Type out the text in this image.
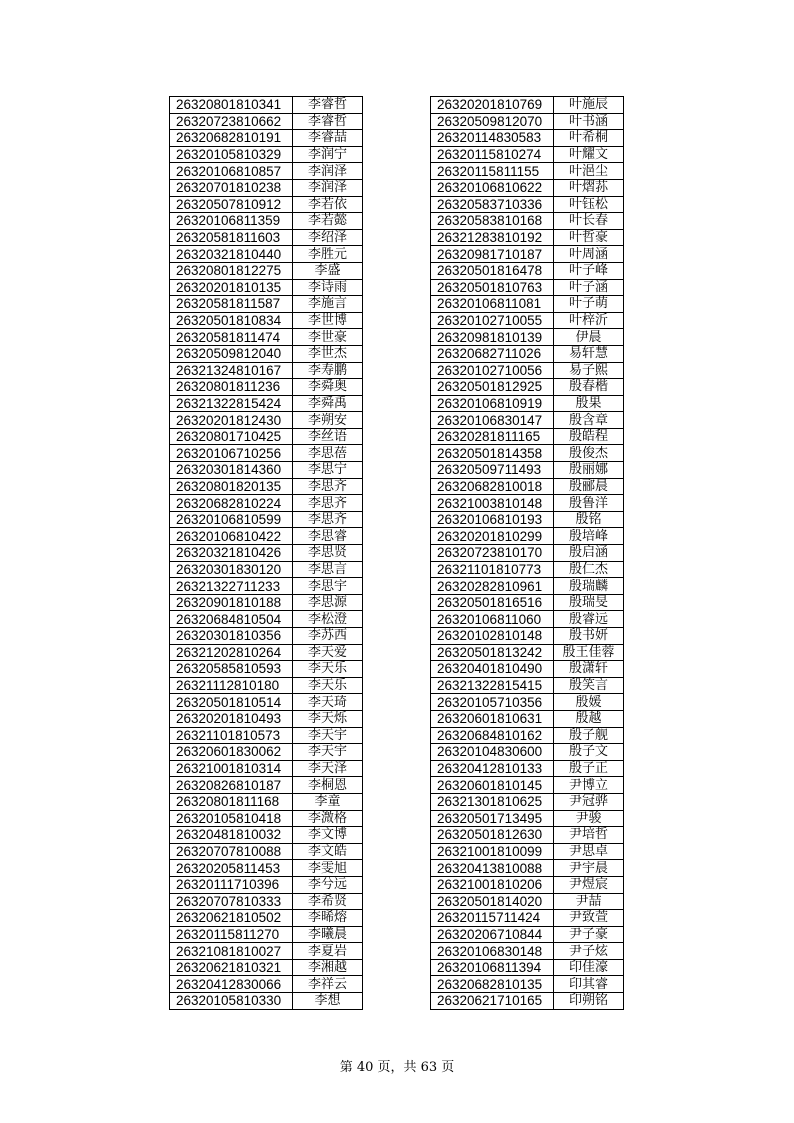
26320801810341	李睿哲
26320723810662	李睿哲
26320682810191	李睿喆
26320105810329	李润宁
26320106810857	李润泽
26320701810238	李润泽
26320507810912	李若依
26320106811359	李若懿
26320581811603	李绍泽
26320321810440	李胜元
26320801812275	李盛
26320201810135	李诗雨
26320581811587	李施言
26320501810834	李世博
26320581811474	李世豪
26320509812040	李世杰
26321324810167	李寿鹏
26320801811236	李舜奥
26321322815424	李舜禹
26320201812430	李朔安
26320801710425	李丝语
26320106710256	李思蓓
26320301814360	李思宁
26320801820135	李思齐
26320682810224	李思齐
26320106810599	李思齐
26320106810422	李思睿
26320321810426	李思贤
26320301830120	李思言
26321322711233	李思宇
26320901810188	李思源
26320684810504	李松澄
26320301810356	李苏西
26321202810264	李天爱
26320585810593	李天乐
26321112810180	李天乐
26320501810514	李天琦
26320201810493	李天烁
26321101810573	李天宇
26320601830062	李天宇
26321001810314	李天泽
26320826810187	李桐恩
26320801811168	李童
26320105810418	李溦格
26320481810032	李文博
26320707810088	李文皓
26320205811453	李雯旭
26320111710396	李兮远
26320707810333	李希贤
26320621810502	李晞熔
26320115811270	李曦晨
26321081810027	李夏岩
26320621810321	李湘越
26320412830066	李祥云
26320105810330	李想
26320201810769	叶施辰
26320509812070	叶书涵
26320114830583	叶希桐
26320115810274	叶耀文
26320115811155	叶浥尘
26320106810622	叶熠荪
26320583710336	叶钰松
26320583810168	叶长春
26321283810192	叶哲豪
26320981710187	叶周涵
26320501816478	叶子峰
26320501810763	叶子涵
26320106811081	叶子萌
26320102710055	叶梓沂
26320981810139	伊晨
26320682711026	易轩慧
26320102710056	易子熙
26320501812925	殷春楷
26320106810919	殷果
26320106830147	殷含章
26320281811165	殷皓程
26320501814358	殷俊杰
26320509711493	殷丽娜
26320682810018	殷郦晨
26321003810148	殷鲁洋
26320106810193	殷铭
26320201810299	殷培峰
26320723810170	殷启涵
26321101810773	殷仁杰
26320282810961	殷瑞麟
26320501816516	殷瑞旻
26320106811060	殷睿远
26320102810148	殷书妍
26320501813242	殷王佳蓉
26320401810490	殷潇轩
26321322815415	殷笑言
26320105710356	殷媛
26320601810631	殷越
26320684810162	殷子舰
26320104830600	殷子文
26320412810133	殷子正
26320601810145	尹博立
26321301810625	尹冠骅
26320501713495	尹骏
26320501812630	尹培哲
26321001810099	尹思卓
26320413810088	尹宇晨
26321001810206	尹煜宸
26320501814020	尹喆
26320115711424	尹致萱
26320206710844	尹子豪
26320106830148	尹子炫
26320106811394	印佳濠
26320682810135	印其睿
26320621710165	印朔铭
第 40 页，共 63 页
